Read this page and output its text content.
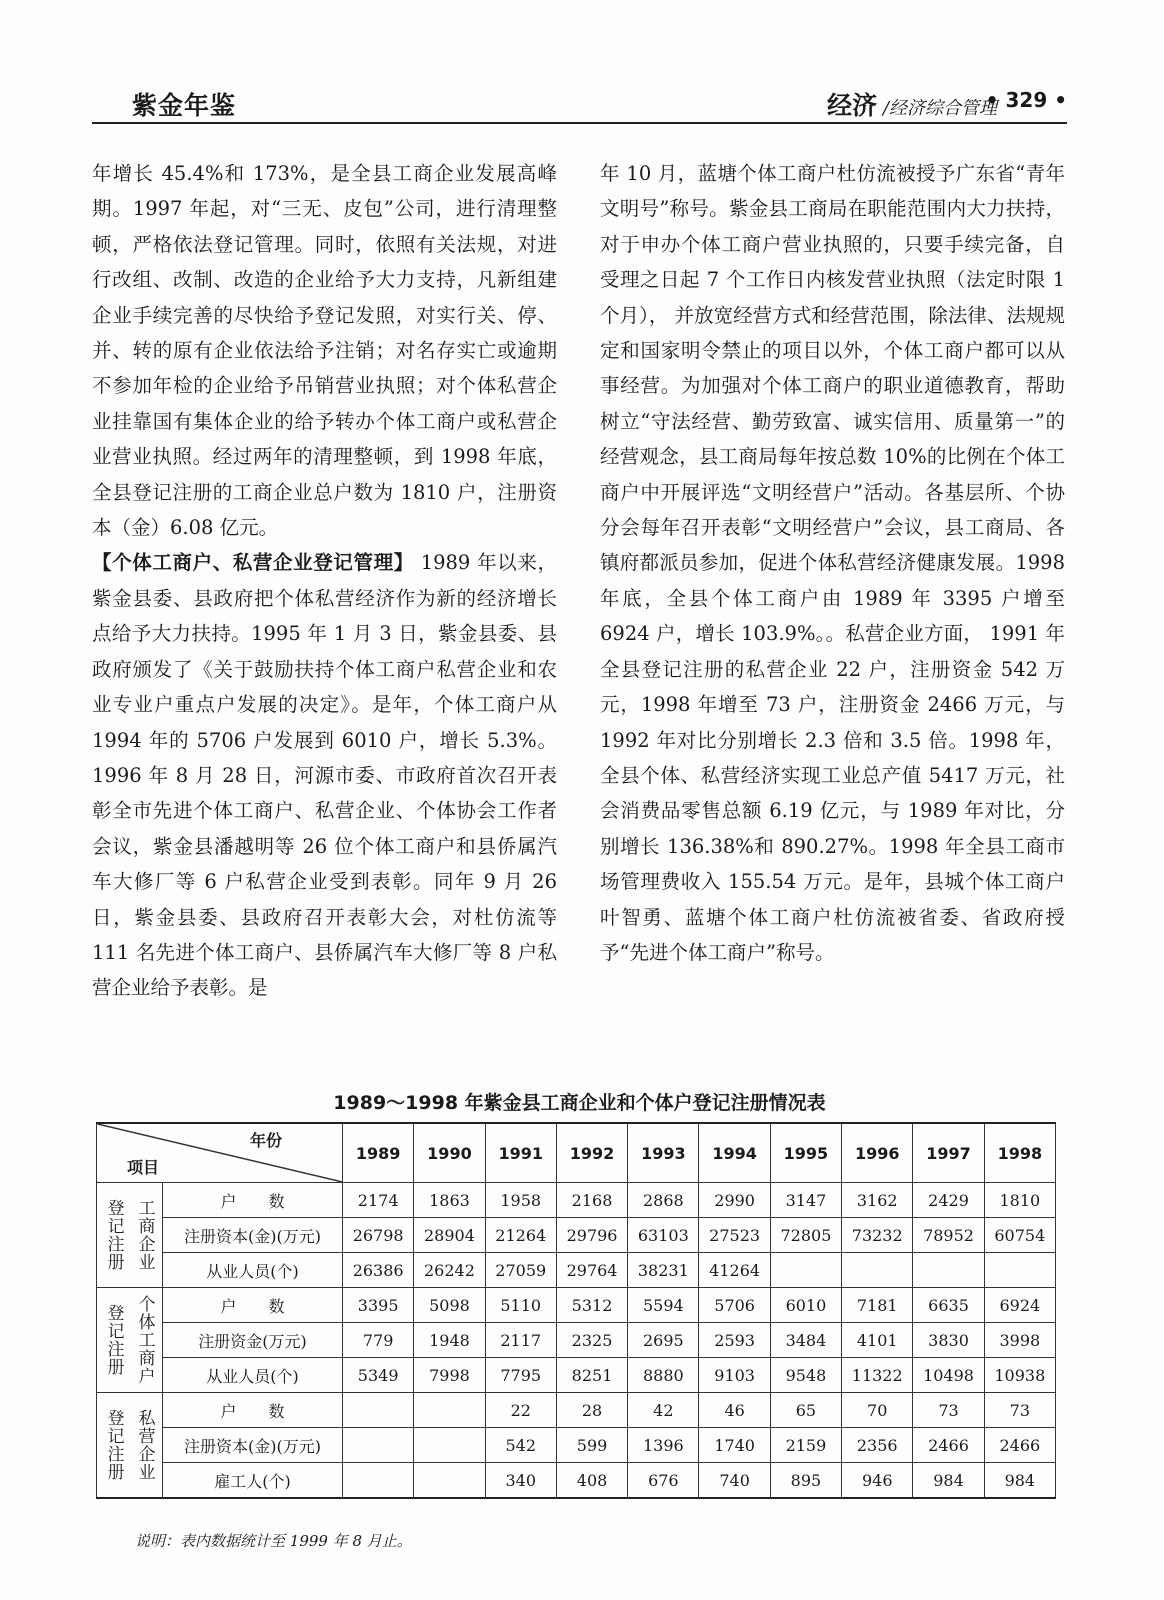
紫金年鉴	经济 /经济综合管理
• 329 •

年增长 45.4%和 173%，是全县工商企业发展高峰期。1997 年起，对“三无、皮包”公司，进行清理整顿，严格依法登记管理。同时，依照有关法规，对进行改组、改制、改造的企业给予大力支持，凡新组建企业手续完善的尽快给予登记发照，对实行关、停、并、转的原有企业依法给予注销；对名存实亡或逾期不参加年检的企业给予吊销营业执照；对个体私营企业挂靠国有集体企业的给予转办个体工商户或私营企业营业执照。经过两年的清理整顿，到 1998 年底，全县登记注册的工商企业总户数为 1810 户，注册资本（金）6.08 亿元。

【个体工商户、私营企业登记管理】 1989 年以来，紫金县委、县政府把个体私营经济作为新的经济增长点给予大力扶持。1995 年 1 月 3 日，紫金县委、县政府颁发了《关于鼓励扶持个体工商户私营企业和农业专业户重点户发展的决定》。是年，个体工商户从 1994 年的 5706 户发展到 6010 户，增长 5.3%。1996 年 8 月 28 日，河源市委、市政府首次召开表彰全市先进个体工商户、私营企业、个体协会工作者会议，紫金县潘越明等 26 位个体工商户和县侨属汽车大修厂等 6 户私营企业受到表彰。同年 9 月 26 日，紫金县委、县政府召开表彰大会，对杜仿流等 111 名先进个体工商户、县侨属汽车大修厂等 8 户私营企业给予表彰。是

年 10 月，蓝塘个体工商户杜仿流被授予广东省“青年文明号”称号。紫金县工商局在职能范围内大力扶持，对于申办个体工商户营业执照的，只要手续完备，自受理之日起 7 个工作日内核发营业执照（法定时限 1 个月）， 并放宽经营方式和经营范围，除法律、法规规定和国家明令禁止的项目以外，个体工商户都可以从事经营。为加强对个体工商户的职业道德教育，帮助树立“守法经营、勤劳致富、诚实信用、质量第一”的经营观念，县工商局每年按总数 10%的比例在个体工商户中开展评选“文明经营户”活动。各基层所、个协分会每年召开表彰“文明经营户”会议，县工商局、各镇府都派员参加，促进个体私营经济健康发展。1998 年底，全县个体工商户由 1989 年 3395 户增至 6924 户，增长 103.9%。。私营企业方面， 1991 年全县登记注册的私营企业 22 户，注册资金 542 万元，1998 年增至 73 户，注册资金 2466 万元，与 1992 年对比分别增长 2.3 倍和 3.5 倍。1998 年，全县个体、私营经济实现工业总产值 5417 万元，社会消费品零售总额 6.19 亿元，与 1989 年对比，分别增长 136.38%和 890.27%。1998 年全县工商市场管理费收入 155.54 万元。是年，县城个体工商户叶智勇、蓝塘个体工商户杜仿流被省委、省政府授予“先进个体工商户”称号。

1989～1998 年紫金县工商企业和个体户登记注册情况表
年份
项目		1989	1990	1991	1992	1993	1994	1995	1996	1997	1998

登记注册 工商企业	户　　数	2174	1863	1958	2168	2868	2990	3147	3162	2429	1810
	注册资本(金)(万元)	26798	28904	21264	29796	63103	27523	72805	73232	78952	60754
	从业人员(个)	26386	26242	27059	29764	38231	41264				

登记注册 个体工商户	户　　数	3395	5098	5110	5312	5594	5706	6010	7181	6635	6924
	注册资金(万元)	779	1948	2117	2325	2695	2593	3484	4101	3830	3998
	从业人员(个)	5349	7998	7795	8251	8880	9103	9548	11322	10498	10938

登记注册 私营企业	户　　数			22	28	42	46	65	70	73	73
	注册资本(金)(万元)			542	599	1396	1740	2159	2356	2466	2466
	雇工人(个)			340	408	676	740	895	946	984	984
说明：表内数据统计至 1999 年 8 月止。
